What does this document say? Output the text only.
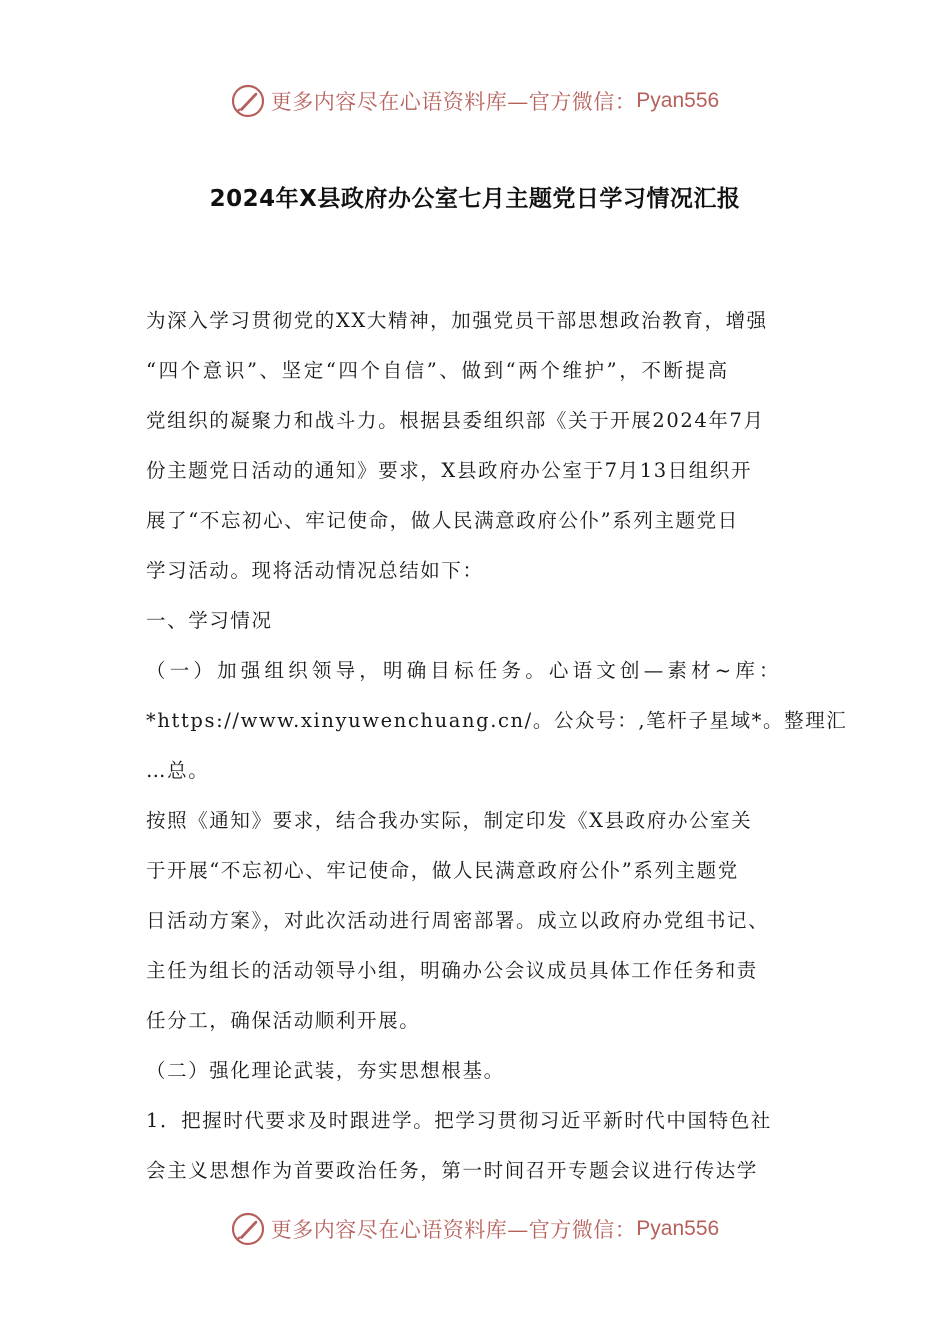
更多内容尽在心语资料库—官方微信： Pyan556
2024年X县政府办公室七月主题党日学习情况汇报
为深入学习贯彻党的XX大精神，加强党员干部思想政治教育，增强
“四个意识”、坚定“四个自信”、做到“两个维护”，不断提高
党组织的凝聚力和战斗力。根据县委组织部《关于开展2024年7月
份主题党日活动的通知》要求，X县政府办公室于7月13日组织开
展了“不忘初心、牢记使命，做人民满意政府公仆”系列主题党日
学习活动。现将活动情况总结如下：
一、学习情况
（一）加强组织领导，明确目标任务。心语文创—素材~库：
*https://www.xinyuwenchuang.cn/。公众号：,笔杆子星域*。整理汇
…总。
按照《通知》要求，结合我办实际，制定印发《X县政府办公室关
于开展“不忘初心、牢记使命，做人民满意政府公仆”系列主题党
日活动方案》，对此次活动进行周密部署。成立以政府办党组书记、
主任为组长的活动领导小组，明确办公会议成员具体工作任务和责
任分工，确保活动顺利开展。
（二）强化理论武装，夯实思想根基。
1．把握时代要求及时跟进学。把学习贯彻习近平新时代中国特色社
会主义思想作为首要政治任务，第一时间召开专题会议进行传达学
更多内容尽在心语资料库—官方微信： Pyan556
